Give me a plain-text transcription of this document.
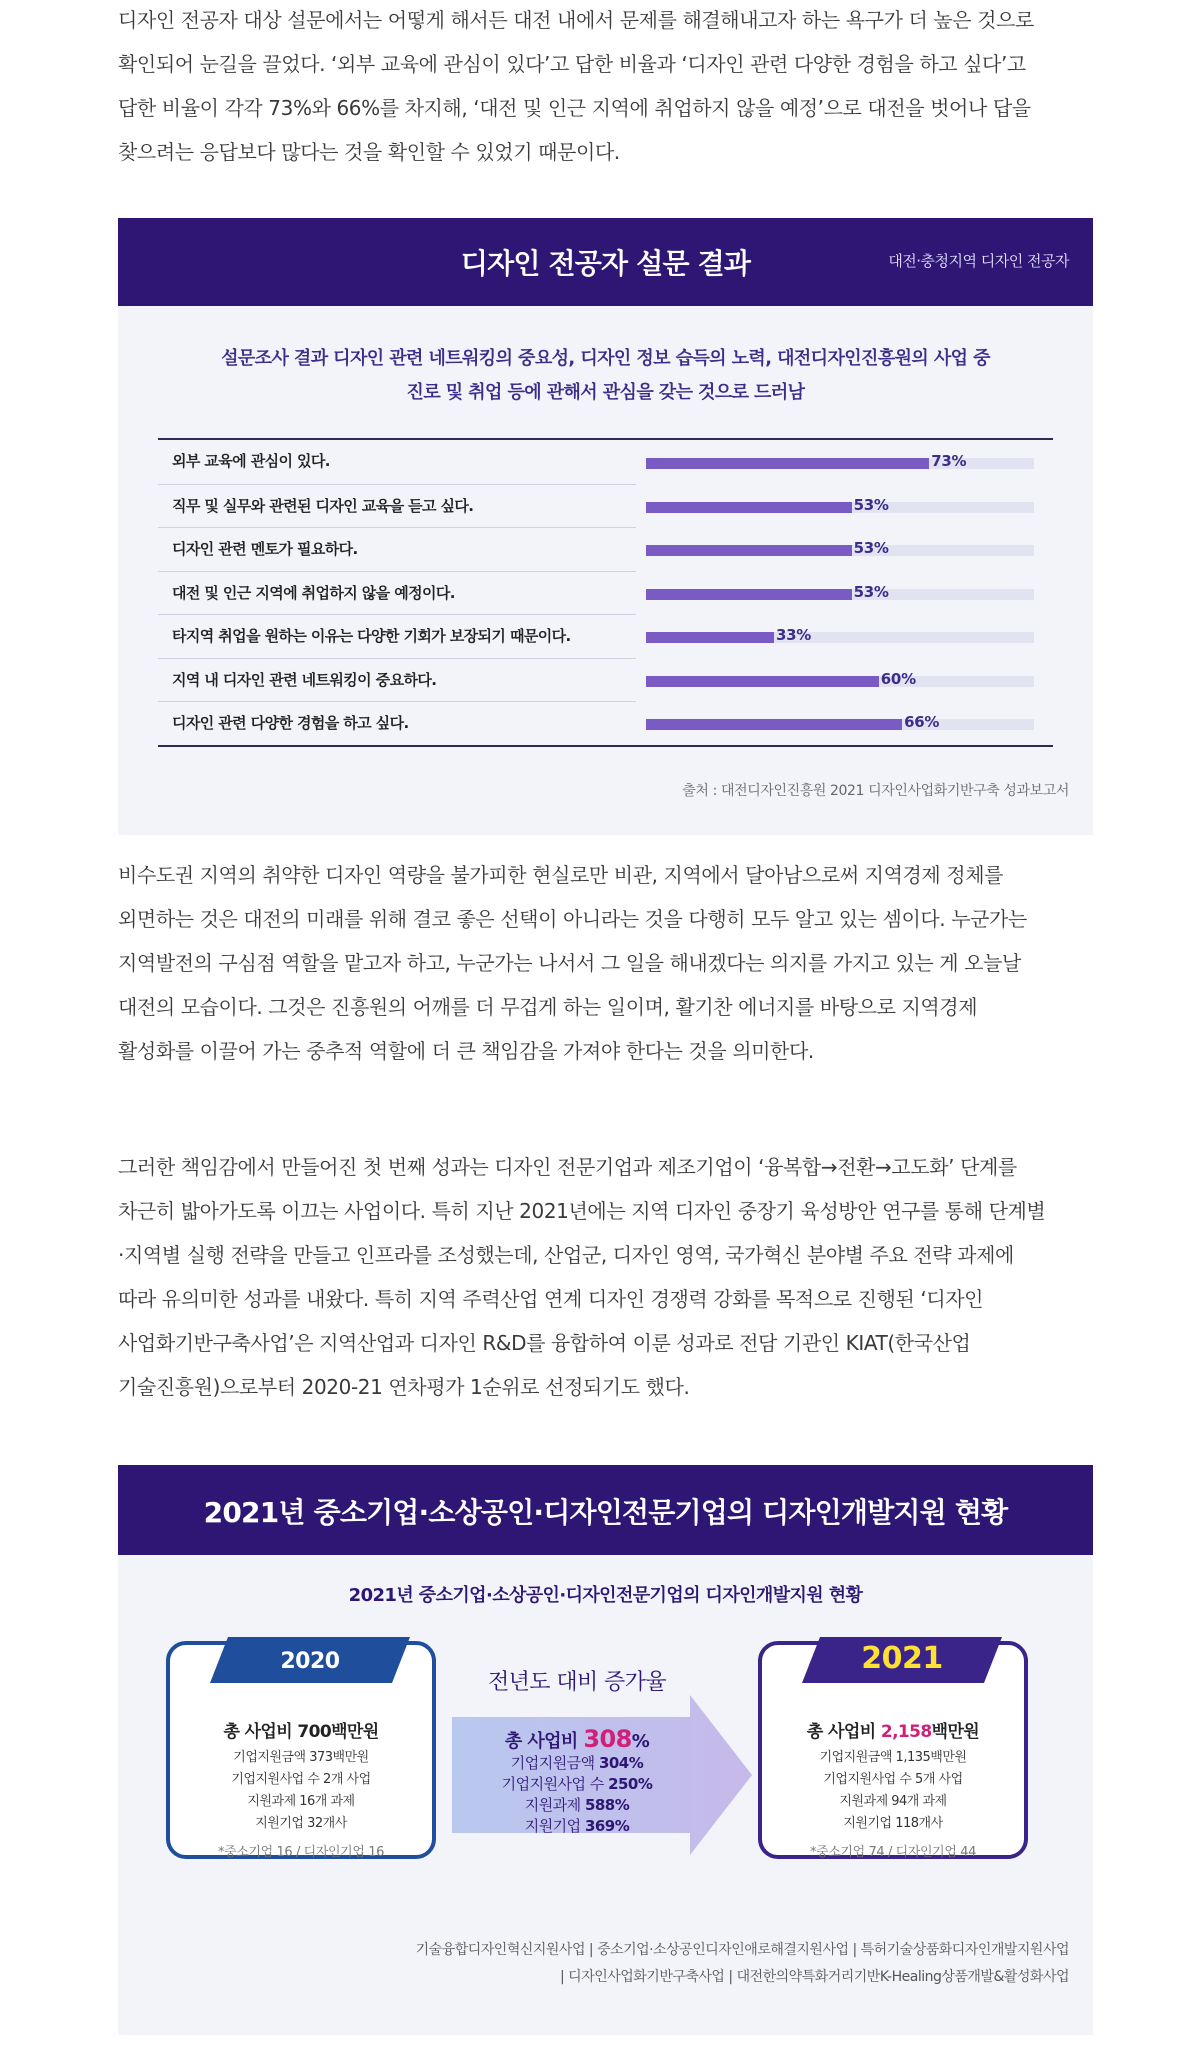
디자인 전공자 대상 설문에서는 어떻게 해서든 대전 내에서 문제를 해결해내고자 하는 욕구가 더 높은 것으로
확인되어 눈길을 끌었다. ‘외부 교육에 관심이 있다’고 답한 비율과 ‘디자인 관련 다양한 경험을 하고 싶다’고
답한 비율이 각각 73%와 66%를 차지해, ‘대전 및 인근 지역에 취업하지 않을 예정’으로 대전을 벗어나 답을
찾으려는 응답보다 많다는 것을 확인할 수 있었기 때문이다.
디자인 전공자 설문 결과	대전·충청지역 디자인 전공자
설문조사 결과 디자인 관련 네트워킹의 중요성, 디자인 정보 습득의 노력, 대전디자인진흥원의 사업 중
진로 및 취업 등에 관해서 관심을 갖는 것으로 드러남
외부 교육에 관심이 있다.	73%
직무 및 실무와 관련된 디자인 교육을 듣고 싶다.	53%
디자인 관련 멘토가 필요하다.	53%
대전 및 인근 지역에 취업하지 않을 예정이다.	53%
타지역 취업을 원하는 이유는 다양한 기회가 보장되기 때문이다.	33%
지역 내 디자인 관련 네트워킹이 중요하다.	60%
디자인 관련 다양한 경험을 하고 싶다.	66%
출처 : 대전디자인진흥원 2021 디자인사업화기반구축 성과보고서
비수도권 지역의 취약한 디자인 역량을 불가피한 현실로만 비관, 지역에서 달아남으로써 지역경제 정체를
외면하는 것은 대전의 미래를 위해 결코 좋은 선택이 아니라는 것을 다행히 모두 알고 있는 셈이다. 누군가는
지역발전의 구심점 역할을 맡고자 하고, 누군가는 나서서 그 일을 해내겠다는 의지를 가지고 있는 게 오늘날
대전의 모습이다. 그것은 진흥원의 어깨를 더 무겁게 하는 일이며, 활기찬 에너지를 바탕으로 지역경제
활성화를 이끌어 가는 중추적 역할에 더 큰 책임감을 가져야 한다는 것을 의미한다.
그러한 책임감에서 만들어진 첫 번째 성과는 디자인 전문기업과 제조기업이 ‘융복합→전환→고도화’ 단계를
차근히 밟아가도록 이끄는 사업이다. 특히 지난 2021년에는 지역 디자인 중장기 육성방안 연구를 통해 단계별
·지역별 실행 전략을 만들고 인프라를 조성했는데, 산업군, 디자인 영역, 국가혁신 분야별 주요 전략 과제에
따라 유의미한 성과를 내왔다. 특히 지역 주력산업 연계 디자인 경쟁력 강화를 목적으로 진행된 ‘디자인
사업화기반구축사업’은 지역산업과 디자인 R&D를 융합하여 이룬 성과로 전담 기관인 KIAT(한국산업
기술진흥원)으로부터 2020-21 연차평가 1순위로 선정되기도 했다.
2021년 중소기업·소상공인·디자인전문기업의 디자인개발지원 현황
2021년 중소기업·소상공인·디자인전문기업의 디자인개발지원 현황
2020
총 사업비 700백만원
기업지원금액 373백만원
기업지원사업 수 2개 사업
지원과제 16개 과제
지원기업 32개사
*중소기업 16 / 디자인기업 16
전년도 대비 증가율
총 사업비 308%
기업지원금액 304%
기업지원사업 수 250%
지원과제 588%
지원기업 369%
2021
총 사업비 2,158백만원
기업지원금액 1,135백만원
기업지원사업 수 5개 사업
지원과제 94개 과제
지원기업 118개사
*중소기업 74 / 디자인기업 44
기술융합디자인혁신지원사업 | 중소기업·소상공인디자인애로해결지원사업 | 특허기술상품화디자인개발지원사업
| 디자인사업화기반구축사업 | 대전한의약특화거리기반K-Healing상품개발&활성화사업
